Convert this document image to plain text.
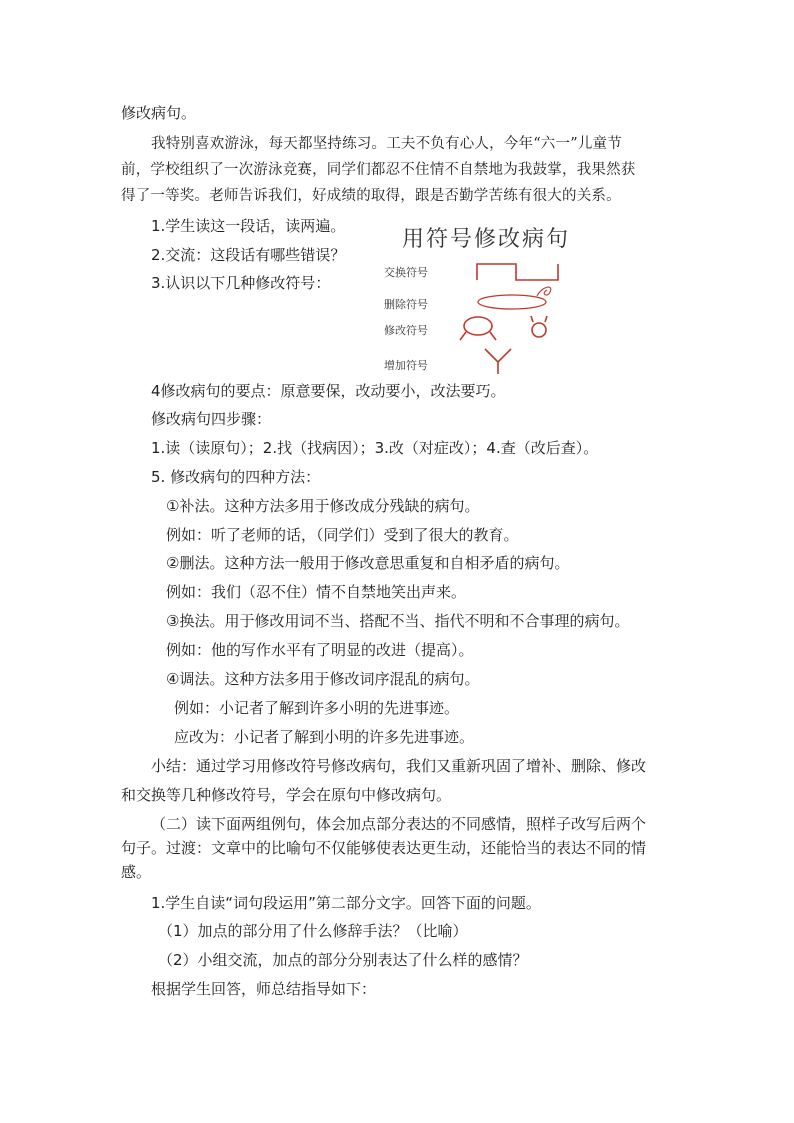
修改病句。
我特别喜欢游泳，每天都坚持练习。工夫不负有心人，今年“六一”儿童节
前，学校组织了一次游泳竞赛，同学们都忍不住情不自禁地为我鼓掌，我果然获
得了一等奖。老师告诉我们，好成绩的取得，跟是否勤学苦练有很大的关系。
1.学生读这一段话，读两遍。
2.交流：这段话有哪些错误？
3.认识以下几种修改符号：
用符号修改病句
交换符号
删除符号
修改符号
增加符号
4修改病句的要点：原意要保，改动要小，改法要巧。
修改病句四步骤：
1.读（读原句）；2.找（找病因）；3.改（对症改）；4.查（改后查）。
5. 修改病句的四种方法：
①补法。这种方法多用于修改成分残缺的病句。
例如：听了老师的话，（同学们）受到了很大的教育。
②删法。这种方法一般用于修改意思重复和自相矛盾的病句。
例如：我们（忍不住）情不自禁地笑出声来。
③换法。用于修改用词不当、搭配不当、指代不明和不合事理的病句。
例如：他的写作水平有了明显的改进（提高）。
④调法。这种方法多用于修改词序混乱的病句。
例如：小记者了解到许多小明的先进事迹。
应改为：小记者了解到小明的许多先进事迹。
小结：通过学习用修改符号修改病句，我们又重新巩固了增补、删除、修改
和交换等几种修改符号，学会在原句中修改病句。
（二）读下面两组例句，体会加点部分表达的不同感情，照样子改写后两个
句子。过渡：文章中的比喻句不仅能够使表达更生动，还能恰当的表达不同的情
感。
1.学生自读“词句段运用”第二部分文字。回答下面的问题。
（1）加点的部分用了什么修辞手法？（比喻）
（2）小组交流，加点的部分分别表达了什么样的感情？
根据学生回答，师总结指导如下：
